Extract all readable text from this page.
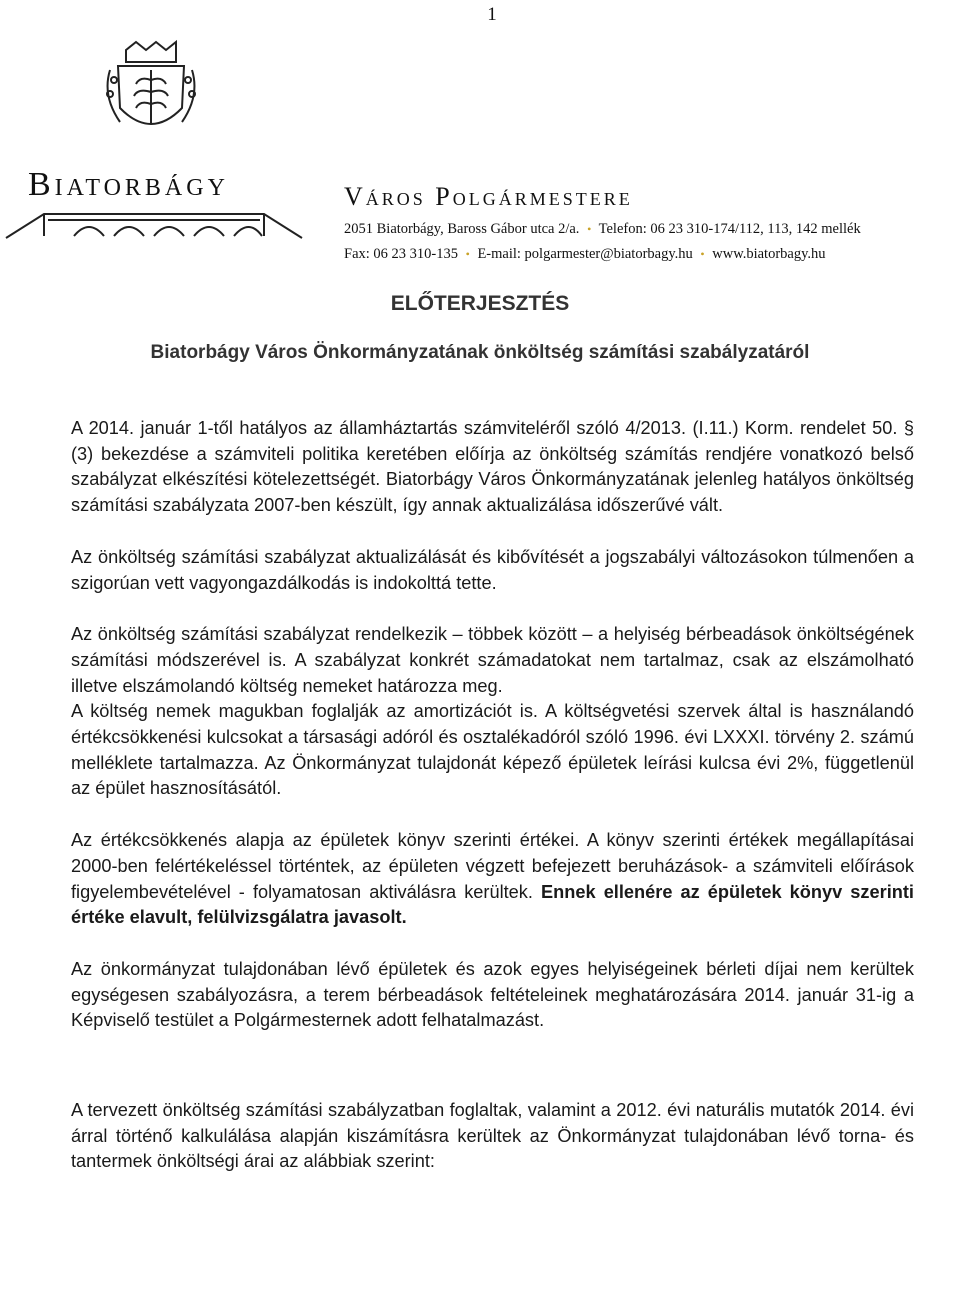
1
Biatorbágy	Város Polgármestere
2051 Biatorbágy, Baross Gábor utca 2/a. • Telefon: 06 23 310-174/112, 113, 142 mellék
Fax: 06 23 310-135 • E-mail: polgarmester@biatorbagy.hu • www.biatorbagy.hu
ELŐTERJESZTÉS
Biatorbágy Város Önkormányzatának önköltség számítási szabályzatáról

A 2014. január 1-től hatályos az államháztartás számviteléről szóló 4/2013. (I.11.) Korm. rendelet 50. § (3) bekezdése a számviteli politika keretében előírja az önköltség számítás rendjére vonatkozó belső szabályzat elkészítési kötelezettségét. Biatorbágy Város Önkormányzatának jelenleg hatályos önköltség számítási szabályzata 2007-ben készült, így annak aktualizálása időszerűvé vált.

Az önköltség számítási szabályzat aktualizálását és kibővítését a jogszabályi változásokon túlmenően a szigorúan vett vagyongazdálkodás is indokolttá tette.

Az önköltség számítási szabályzat rendelkezik – többek között – a helyiség bérbeadások önköltségének számítási módszerével is. A szabályzat konkrét számadatokat nem tartalmaz, csak az elszámolható illetve elszámolandó költség nemeket határozza meg.

A költség nemek magukban foglalják az amortizációt is. A költségvetési szervek által is használandó értékcsökkenési kulcsokat a társasági adóról és osztalékadóról szóló 1996. évi LXXXI. törvény 2. számú melléklete tartalmazza. Az Önkormányzat tulajdonát képező épületek leírási kulcsa évi 2%, függetlenül az épület hasznosításától.

Az értékcsökkenés alapja az épületek könyv szerinti értékei. A könyv szerinti értékek megállapításai 2000-ben felértékeléssel történtek, az épületen végzett befejezett beruházások- a számviteli előírások figyelembevételével - folyamatosan aktiválásra kerültek. Ennek ellenére az épületek könyv szerinti értéke elavult, felülvizsgálatra javasolt.

Az önkormányzat tulajdonában lévő épületek és azok egyes helyiségeinek bérleti díjai nem kerültek egységesen szabályozásra, a terem bérbeadások feltételeinek meghatározására 2014. január 31-ig a Képviselő testület a Polgármesternek adott felhatalmazást.

A tervezett önköltség számítási szabályzatban foglaltak, valamint a 2012. évi naturális mutatók 2014. évi árral történő kalkulálása alapján kiszámításra kerültek az Önkormányzat tulajdonában lévő torna- és tantermek önköltségi árai az alábbiak szerint:
